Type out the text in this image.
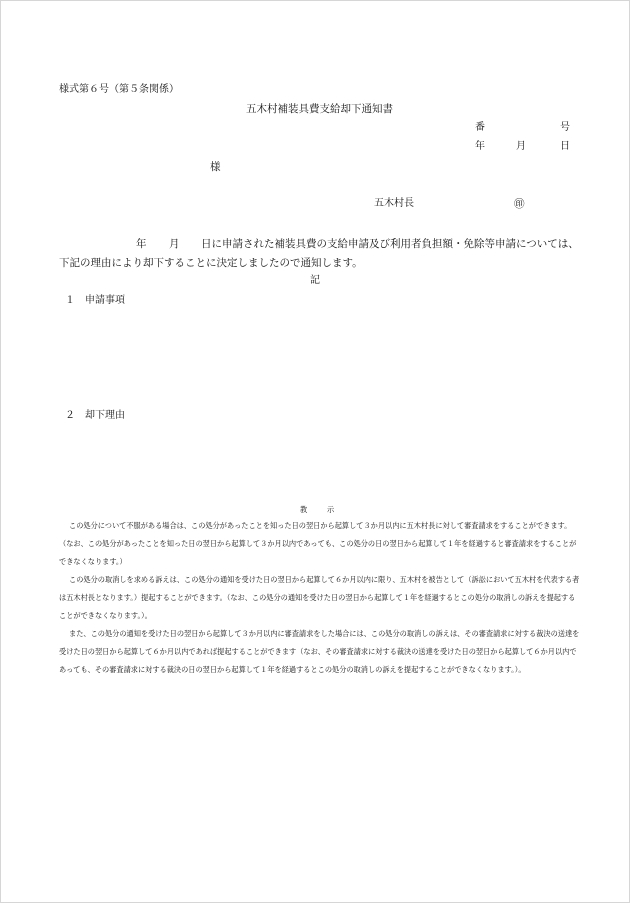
様式第６号（第５条関係）
五木村補装具費支給却下通知書
番	号
年	月	日
様
五木村長	㊞
年 月 日に申請された補装具費の支給申請及び利用者負担額・免除等申請については、
下記の理由により却下することに決定しましたので通知します。
記
１　申請事項
２　却下理由
教	示
この処分について不服がある場合は、この処分があったことを知った日の翌日から起算して３か月以内に五木村長に対して審査請求をすることができます。（なお、この処分があったことを知った日の翌日から起算して３か月以内であっても、この処分の日の翌日から起算して１年を経過すると審査請求をすることができなくなります。）
この処分の取消しを求める訴えは、この処分の通知を受けた日の翌日から起算して６か月以内に限り、五木村を被告として（訴訟において五木村を代表する者は五木村長となります。）提起することができます。（なお、この処分の通知を受けた日の翌日から起算して１年を経過するとこの処分の取消しの訴えを提起することができなくなります。）。
また、この処分の通知を受けた日の翌日から起算して３か月以内に審査請求をした場合には、この処分の取消しの訴えは、その審査請求に対する裁決の送達を受けた日の翌日から起算して６か月以内であれば提起することができます（なお、その審査請求に対する裁決の送達を受けた日の翌日から起算して６か月以内であっても、その審査請求に対する裁決の日の翌日から起算して１年を経過するとこの処分の取消しの訴えを提起することができなくなります。）。
